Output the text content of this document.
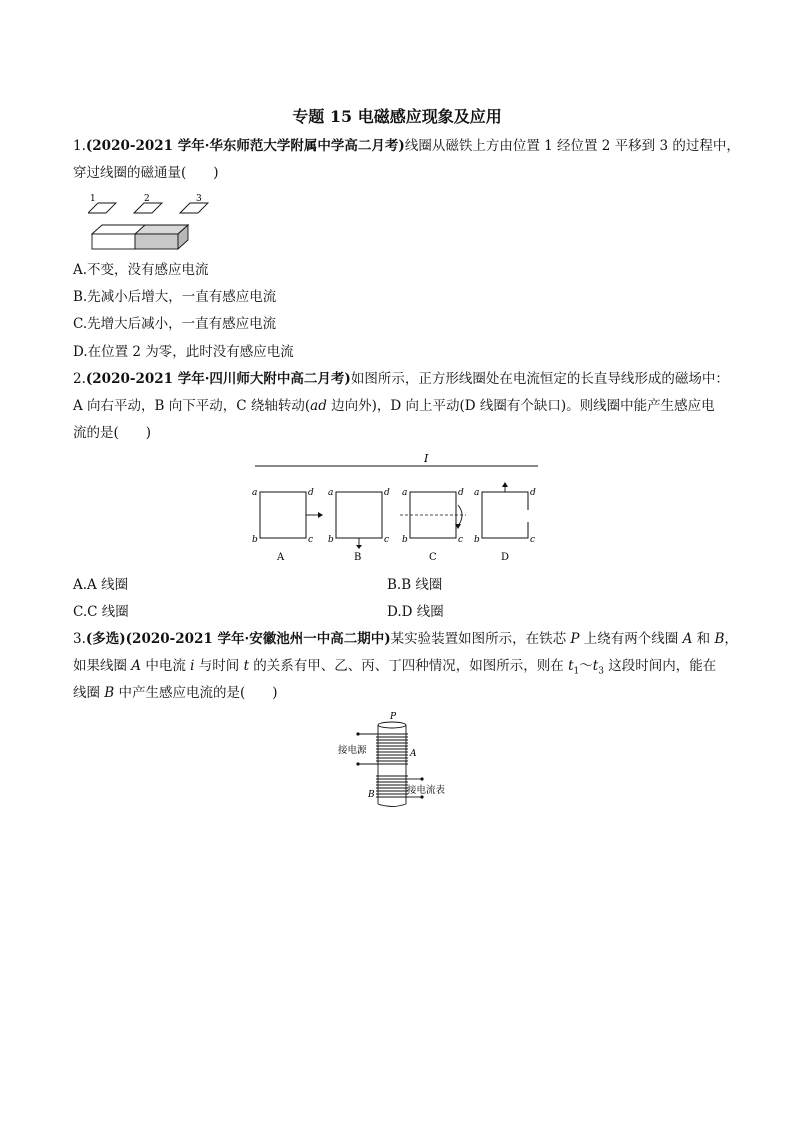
专题 15 电磁感应现象及应用
1.(2020-2021 学年·华东师范大学附属中学高二月考)线圈从磁铁上方由位置 1 经位置 2 平移到 3 的过程中，
穿过线圈的磁通量(　　)
1	2	3
A.不变，没有感应电流
B.先减小后增大，一直有感应电流
C.先增大后减小，一直有感应电流
D.在位置 2 为零，此时没有感应电流
2.(2020-2021 学年·四川师大附中高二月考)如图所示，正方形线圈处在电流恒定的长直导线形成的磁场中：
A 向右平动，B 向下平动，C 绕轴转动(ad 边向外)，D 向上平动(D 线圈有个缺口)。则线圈中能产生感应电
流的是(　　)
I
a
b	c
d
A
a
b	c
d
B
a
b	c
d
C
a
b	c
d
D
A.A 线圈	B.B 线圈
C.C 线圈	D.D 线圈
3.(多选)(2020-2021 学年·安徽池州一中高二期中)某实验装置如图所示，在铁芯 P 上绕有两个线圈 A 和 B，
如果线圈 A 中电流 i 与时间 t 的关系有甲、乙、丙、丁四种情况，如图所示，则在 $t_1\sim t_3$ 这段时间内，能在
线圈 B 中产生感应电流的是(　　)
P
接电源	A
接电流表
B
